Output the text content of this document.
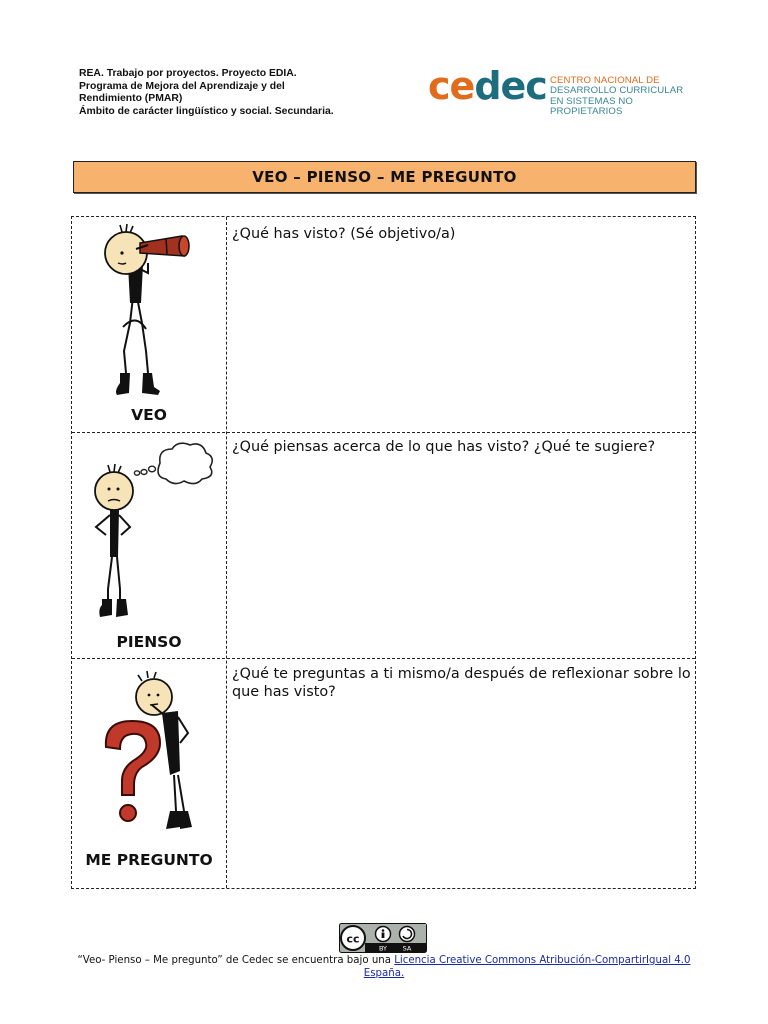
REA. Trabajo por proyectos. Proyecto EDIA.
Programa de Mejora del Aprendizaje y del
Rendimiento (PMAR)
Ámbito de carácter lingüístico y social. Secundaria.
cedec CENTRO NACIONAL DE
DESARROLLO CURRICULAR
EN SISTEMAS NO PROPIETARIOS
VEO – PIENSO – ME PREGUNTO
VEO
¿Qué has visto? (Sé objetivo/a)
PIENSO
¿Qué piensas acerca de lo que has visto? ¿Qué te sugiere?
ME PREGUNTO
¿Qué te preguntas a ti mismo/a después de reflexionar sobre lo que has visto?
cc
BY SA
“Veo- Pienso – Me pregunto” de Cedec se encuentra bajo una Licencia Creative Commons Atribución-CompartirIgual 4.0 España.
